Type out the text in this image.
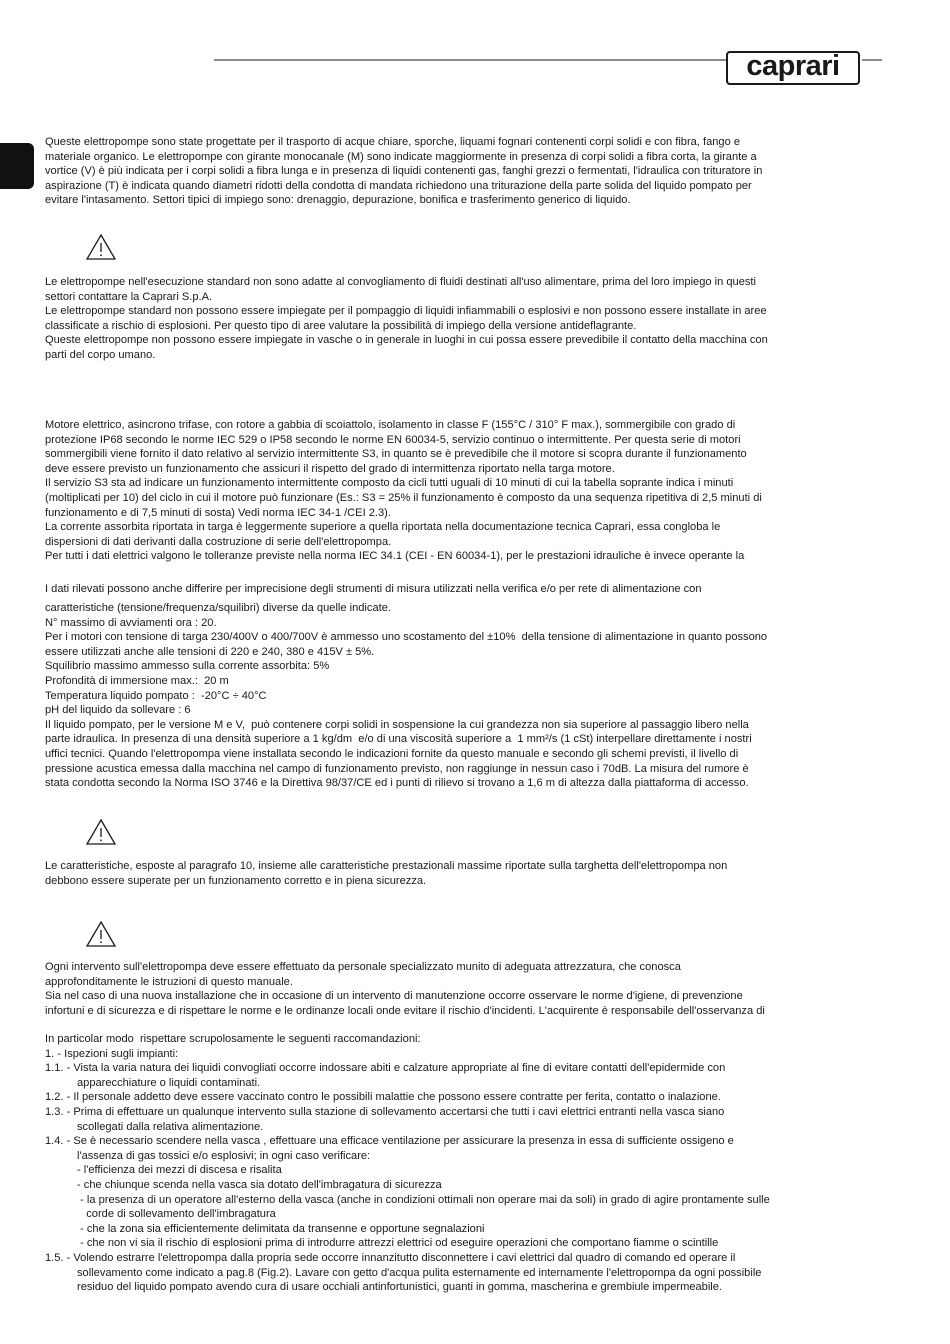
caprari

Queste elettropompe sono state progettate per il trasporto di acque chiare, sporche, liquami fognari contenenti corpi solidi e con fibra, fango e

materiale organico. Le elettropompe con girante monocanale (M) sono indicate maggiormente in presenza di corpi solidi a fibra corta, la girante a

vortice (V) è più indicata per i corpi solidi a fibra lunga e in presenza di liquidi contenenti gas, fanghi grezzi o fermentati, l'idraulica con trituratore in

aspirazione (T) è indicata quando diametri ridotti della condotta di mandata richiedono una triturazione della parte solida del liquido pompato per

evitare l'intasamento. Settori tipici di impiego sono: drenaggio, depurazione, bonifica e trasferimento generico di liquido.

Le elettropompe nell'esecuzione standard non sono adatte al convogliamento di fluidi destinati all'uso alimentare, prima del loro impiego in questi

settori contattare la Caprari S.p.A.

Le elettropompe standard non possono essere impiegate per il pompaggio di liquidi infiammabili o esplosivi e non possono essere installate in aree

classificate a rischio di esplosioni. Per questo tipo di aree valutare la possibilità di impiego della versione antideflagrante.

Queste elettropompe non possono essere impiegate in vasche o in generale in luoghi in cui possa essere prevedibile il contatto della macchina con

parti del corpo umano.

Motore elettrico, asincrono trifase, con rotore a gabbia di scoiattolo, isolamento in classe F (155°C / 310° F max.), sommergibile con grado di

protezione IP68 secondo le norme IEC 529 o IP58 secondo le norme EN 60034-5, servizio continuo o intermittente. Per questa serie di motori

sommergibili viene fornito il dato relativo al servizio intermittente S3, in quanto se è prevedibile che il motore si scopra durante il funzionamento

deve essere previsto un funzionamento che assicuri il rispetto del grado di intermittenza riportato nella targa motore.

Il servizio S3 sta ad indicare un funzionamento intermittente composto da cicli tutti uguali di 10 minuti di cui la tabella soprante indica i minuti

(moltiplicati per 10) del ciclo in cui il motore può funzionare (Es.: S3 = 25% il funzionamento è composto da una sequenza ripetitiva di 2,5 minuti di

funzionamento e di 7,5 minuti di sosta) Vedi norma IEC 34-1 /CEI 2.3).

La corrente assorbita riportata in targa è leggermente superiore a quella riportata nella documentazione tecnica Caprari, essa congloba le

dispersioni di dati derivanti dalla costruzione di serie dell'elettropompa.

Per tutti i dati elettrici valgono le tolleranze previste nella norma IEC 34.1 (CEI - EN 60034-1), per le prestazioni idrauliche è invece operante la

I dati rilevati possono anche differire per imprecisione degli strumenti di misura utilizzati nella verifica e/o per rete di alimentazione con

caratteristiche (tensione/frequenza/squilibri) diverse da quelle indicate.

N° massimo di avviamenti ora : 20.

Per i motori con tensione di targa 230/400V o 400/700V è ammesso uno scostamento del ±10%  della tensione di alimentazione in quanto possono

essere utilizzati anche alle tensioni di 220 e 240, 380 e 415V ± 5%.

Squilibrio massimo ammesso sulla corrente assorbita: 5%

Profondità di immersione max.:  20 m

Temperatura liquido pompato :  -20°C ÷ 40°C

pH del liquido da sollevare : 6

Il liquido pompato, per le versione M e V,  può contenere corpi solidi in sospensione la cui grandezza non sia superiore al passaggio libero nella

parte idraulica. In presenza di una densità superiore a 1 kg/dm  e/o di una viscosità superiore a  1 mm²/s (1 cSt) interpellare direttamente i nostri

uffici tecnici. Quando l'elettropompa viene installata secondo le indicazioni fornite da questo manuale e secondo gli schemi previsti, il livello di

pressione acustica emessa dalla macchina nel campo di funzionamento previsto, non raggiunge in nessun caso i 70dB. La misura del rumore è

stata condotta secondo la Norma ISO 3746 e la Direttiva 98/37/CE ed i punti di rilievo si trovano a 1,6 m di altezza dalla piattaforma di accesso.

Le caratteristiche, esposte al paragrafo 10, insieme alle caratteristiche prestazionali massime riportate sulla targhetta dell'elettropompa non

debbono essere superate per un funzionamento corretto e in piena sicurezza.

Ogni intervento sull'elettropompa deve essere effettuato da personale specializzato munito di adeguata attrezzatura, che conosca

approfonditamente le istruzioni di questo manuale.

Sia nel caso di una nuova installazione che in occasione di un intervento di manutenzione occorre osservare le norme d'igiene, di prevenzione

infortuni e di sicurezza e di rispettare le norme e le ordinanze locali onde evitare il rischio d'incidenti. L'acquirente è responsabile dell'osservanza di

In particolar modo  rispettare scrupolosamente le seguenti raccomandazioni:

1. - Ispezioni sugli impianti:

1.1. - Vista la varia natura dei liquidi convogliati occorre indossare abiti e calzature appropriate al fine di evitare contatti dell'epidermide con

apparecchiature o liquidi contaminati.

1.2. - Il personale addetto deve essere vaccinato contro le possibili malattie che possono essere contratte per ferita, contatto o inalazione.

1.3. - Prima di effettuare un qualunque intervento sulla stazione di sollevamento accertarsi che tutti i cavi elettrici entranti nella vasca siano

scollegati dalla relativa alimentazione.

1.4. - Se è necessario scendere nella vasca , effettuare una efficace ventilazione per assicurare la presenza in essa di sufficiente ossigeno e

l'assenza di gas tossici e/o esplosivi; in ogni caso verificare:

- l'efficienza dei mezzi di discesa e risalita

- che chiunque scenda nella vasca sia dotato dell'imbragatura di sicurezza

- la presenza di un operatore all'esterno della vasca (anche in condizioni ottimali non operare mai da soli) in grado di agire prontamente sulle

corde di sollevamento dell'imbragatura

- che la zona sia efficientemente delimitata da transenne e opportune segnalazioni

- che non vi sia il rischio di esplosioni prima di introdurre attrezzi elettrici od eseguire operazioni che comportano fiamme o scintille

1.5. - Volendo estrarre l'elettropompa dalla propria sede occorre innanzitutto disconnettere i cavi elettrici dal quadro di comando ed operare il

sollevamento come indicato a pag.8 (Fig.2). Lavare con getto d'acqua pulita esternamente ed internamente l'elettropompa da ogni possibile

residuo del liquido pompato avendo cura di usare occhiali antinfortunistici, guanti in gomma, mascherina e grembiule impermeabile.
